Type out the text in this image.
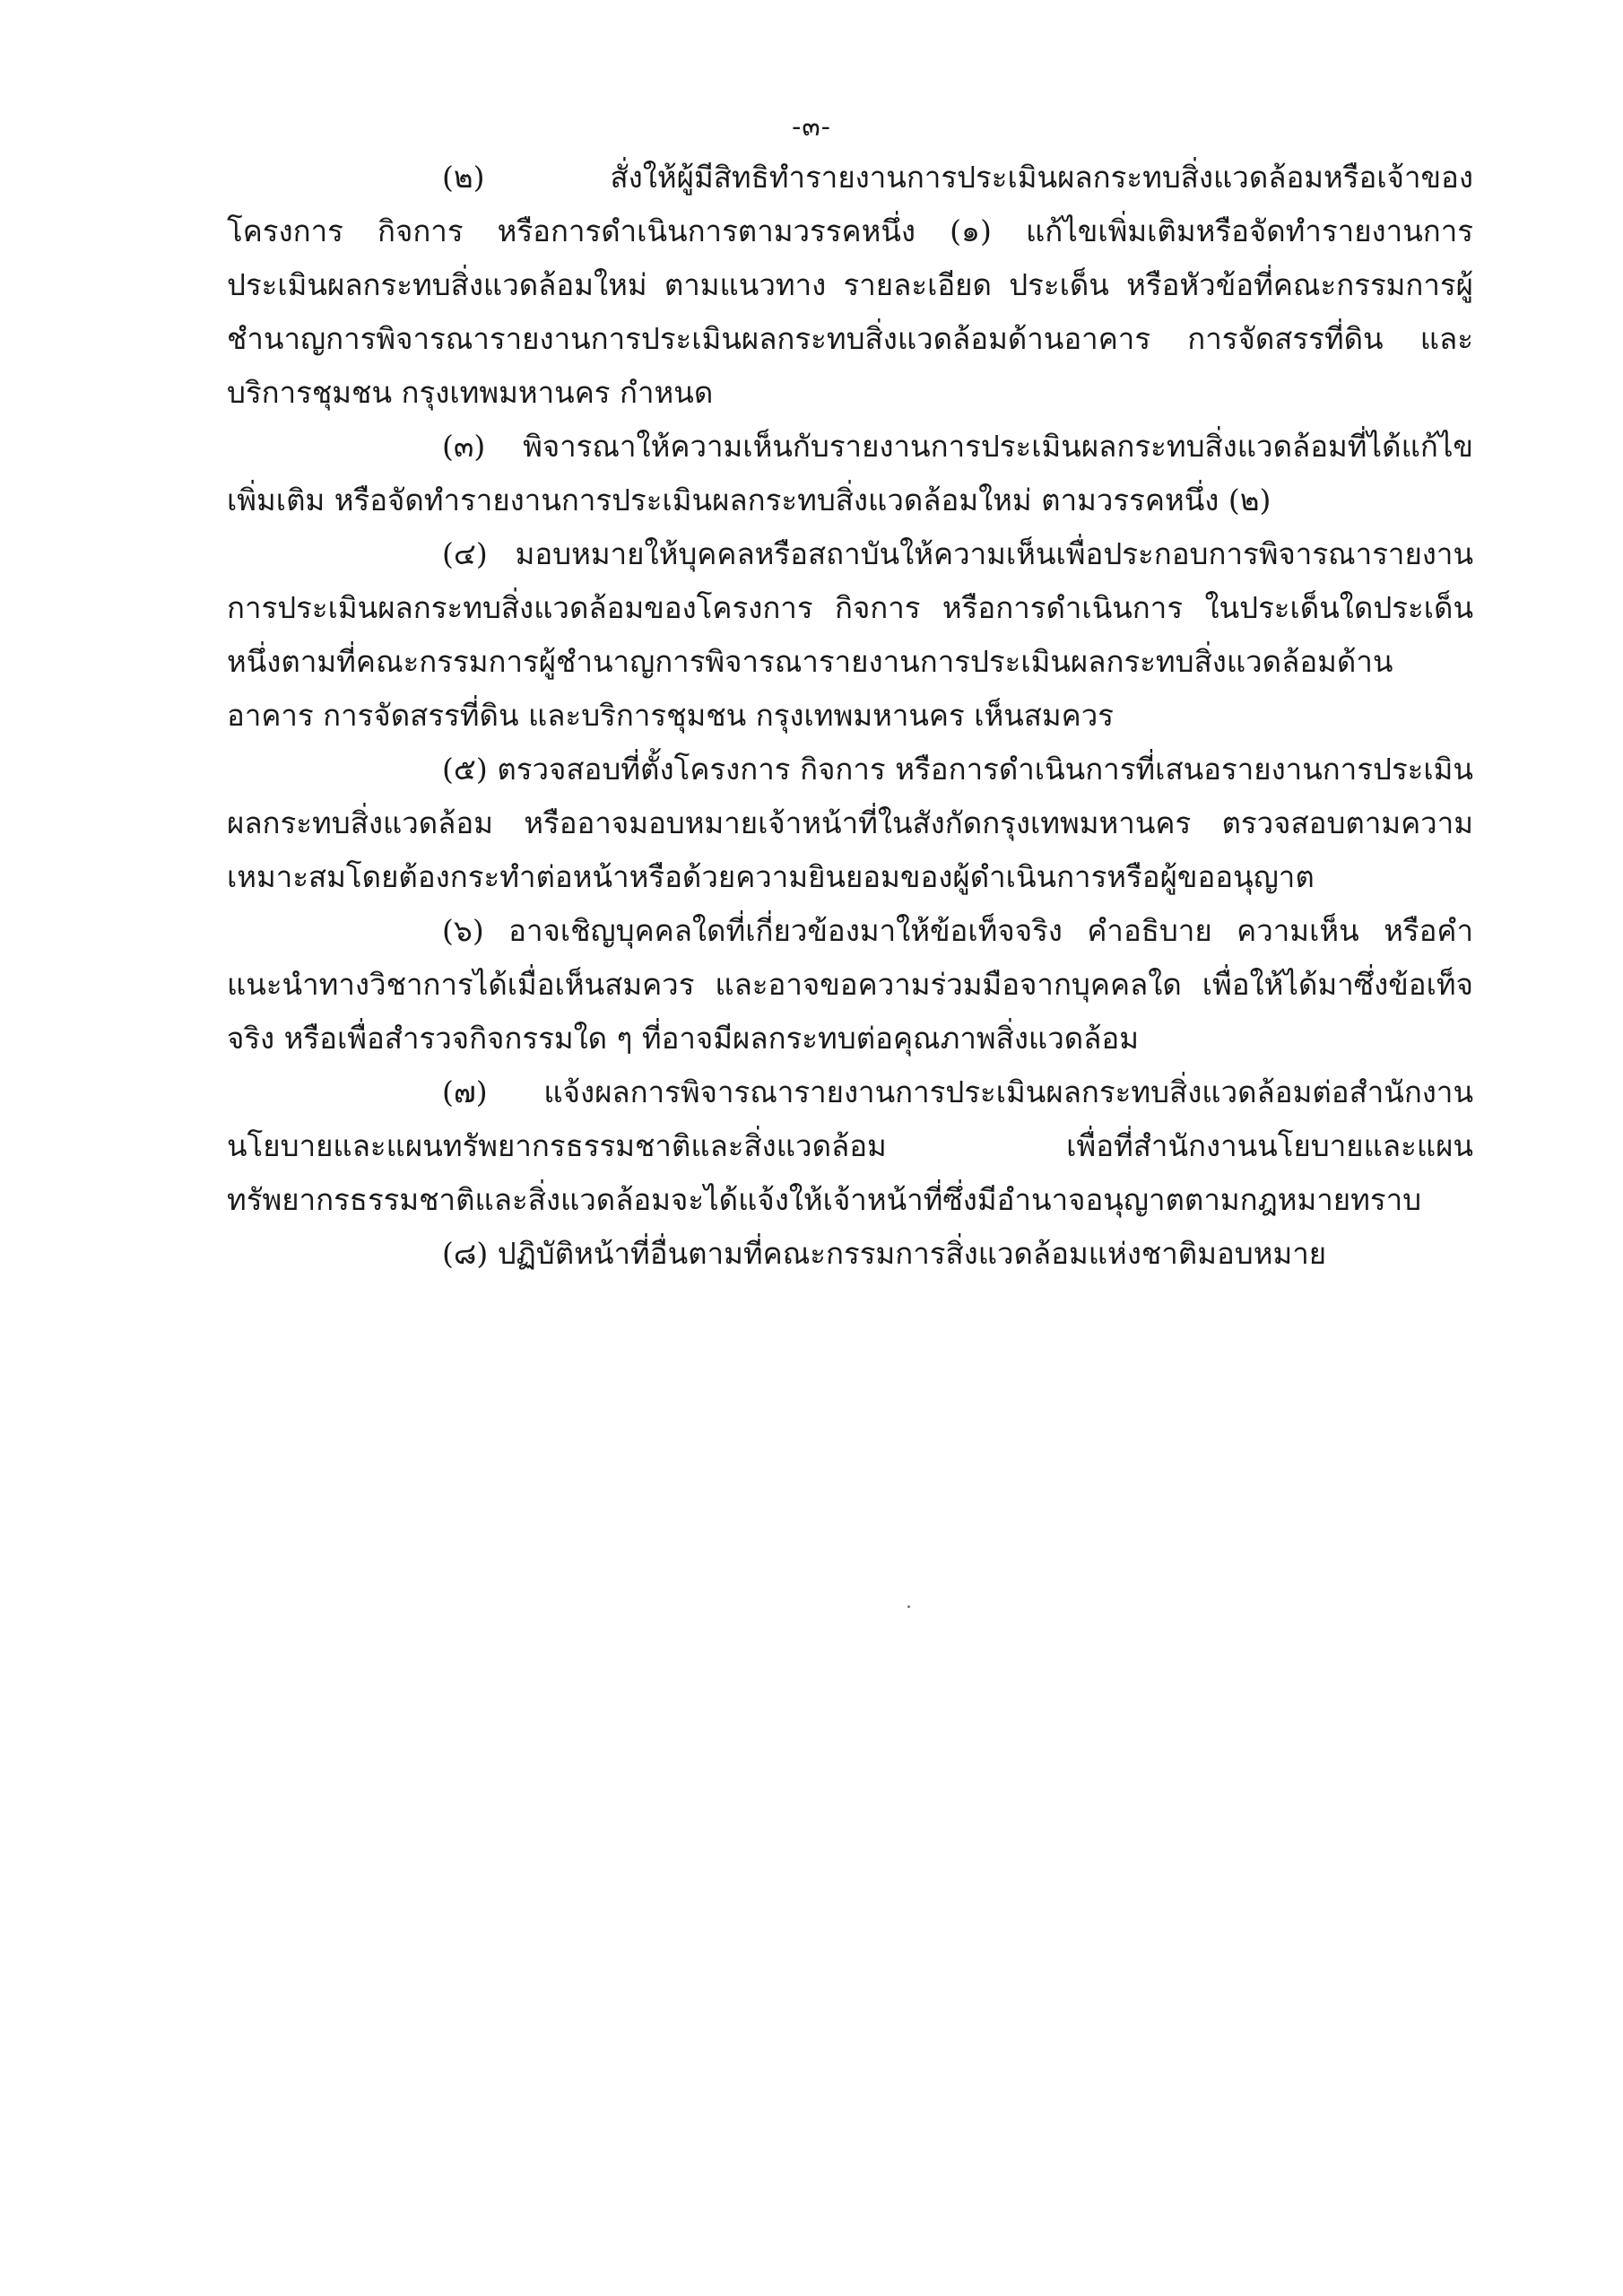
-๓-

(๒) สั่งให้ผู้มีสิทธิทำรายงานการประเมินผลกระทบสิ่งแวดล้อมหรือเจ้าของโครงการ กิจการ หรือการดำเนินการตามวรรคหนึ่ง (๑) แก้ไขเพิ่มเติมหรือจัดทำรายงานการประเมินผลกระทบสิ่งแวดล้อมใหม่ ตามแนวทาง รายละเอียด ประเด็น หรือหัวข้อที่คณะกรรมการผู้ชำนาญการพิจารณารายงานการประเมินผลกระทบสิ่งแวดล้อมด้านอาคาร การจัดสรรที่ดิน และบริการชุมชน กรุงเทพมหานคร กำหนด

(๓) พิจารณาให้ความเห็นกับรายงานการประเมินผลกระทบสิ่งแวดล้อมที่ได้แก้ไข เพิ่มเติม หรือจัดทำรายงานการประเมินผลกระทบสิ่งแวดล้อมใหม่ ตามวรรคหนึ่ง (๒)

(๔) มอบหมายให้บุคคลหรือสถาบันให้ความเห็นเพื่อประกอบการพิจารณารายงานการประเมินผลกระทบสิ่งแวดล้อมของโครงการ กิจการ หรือการดำเนินการ ในประเด็นใดประเด็นหนึ่งตามที่คณะกรรมการผู้ชำนาญการพิจารณารายงานการประเมินผลกระทบสิ่งแวดล้อมด้านอาคาร การจัดสรรที่ดิน และบริการชุมชน กรุงเทพมหานคร เห็นสมควร

(๕) ตรวจสอบที่ตั้งโครงการ กิจการ หรือการดำเนินการที่เสนอรายงานการประเมินผลกระทบสิ่งแวดล้อม หรืออาจมอบหมายเจ้าหน้าที่ในสังกัดกรุงเทพมหานคร ตรวจสอบตามความเหมาะสมโดยต้องกระทำต่อหน้าหรือด้วยความยินยอมของผู้ดำเนินการหรือผู้ขออนุญาต

(๖) อาจเชิญบุคคลใดที่เกี่ยวข้องมาให้ข้อเท็จจริง คำอธิบาย ความเห็น หรือคำแนะนำทางวิชาการได้เมื่อเห็นสมควร และอาจขอความร่วมมือจากบุคคลใด เพื่อให้ได้มาซึ่งข้อเท็จจริง หรือเพื่อสำรวจกิจกรรมใด ๆ ที่อาจมีผลกระทบต่อคุณภาพสิ่งแวดล้อม

(๗) แจ้งผลการพิจารณารายงานการประเมินผลกระทบสิ่งแวดล้อมต่อสำนักงานนโยบายและแผนทรัพยากรธรรมชาติและสิ่งแวดล้อม เพื่อที่สำนักงานนโยบายและแผนทรัพยากรธรรมชาติและสิ่งแวดล้อมจะได้แจ้งให้เจ้าหน้าที่ซึ่งมีอำนาจอนุญาตตามกฎหมายทราบ

(๘) ปฏิบัติหน้าที่อื่นตามที่คณะกรรมการสิ่งแวดล้อมแห่งชาติมอบหมาย
